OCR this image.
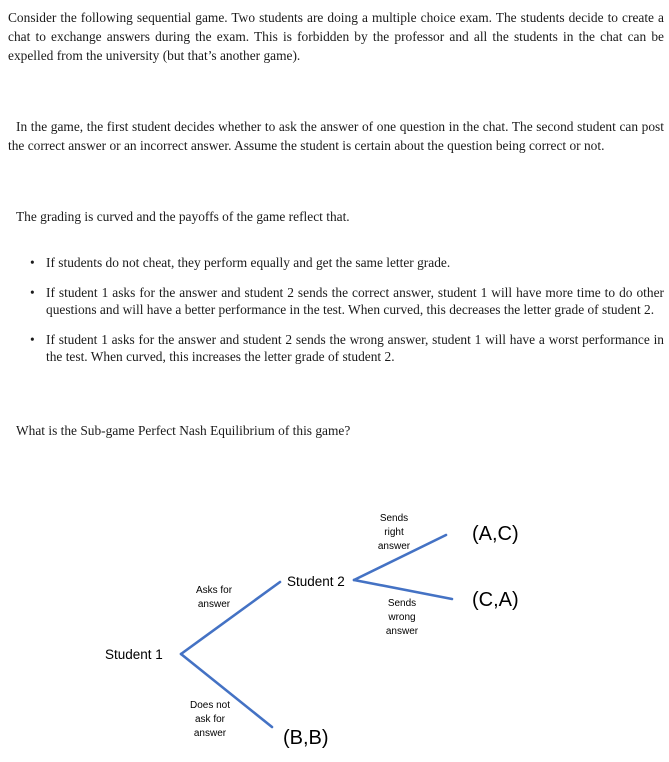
Consider the following sequential game. Two students are doing a multiple choice exam. The students decide to create a chat to exchange answers during the exam. This is forbidden by the professor and all the students in the chat can be expelled from the university (but that’s another game).

In the game, the first student decides whether to ask the answer of one question in the chat. The second student can post the correct answer or an incorrect answer. Assume the student is certain about the question being correct or not.

The grading is curved and the payoffs of the game reflect that.

• If students do not cheat, they perform equally and get the same letter grade.
• If student 1 asks for the answer and student 2 sends the correct answer, student 1 will have more time to do other questions and will have a better performance in the test. When curved, this decreases the letter grade of student 2.
• If student 1 asks for the answer and student 2 sends the wrong answer, student 1 will have a worst performance in the test. When curved, this increases the letter grade of student 2.

What is the Sub-game Perfect Nash Equilibrium of this game?

Student 1
Student 2
Asks for
answer
Does not
ask for
answer
Sends
right
answer
Sends
wrong
answer
(A,C)
(C,A)
(B,B)
